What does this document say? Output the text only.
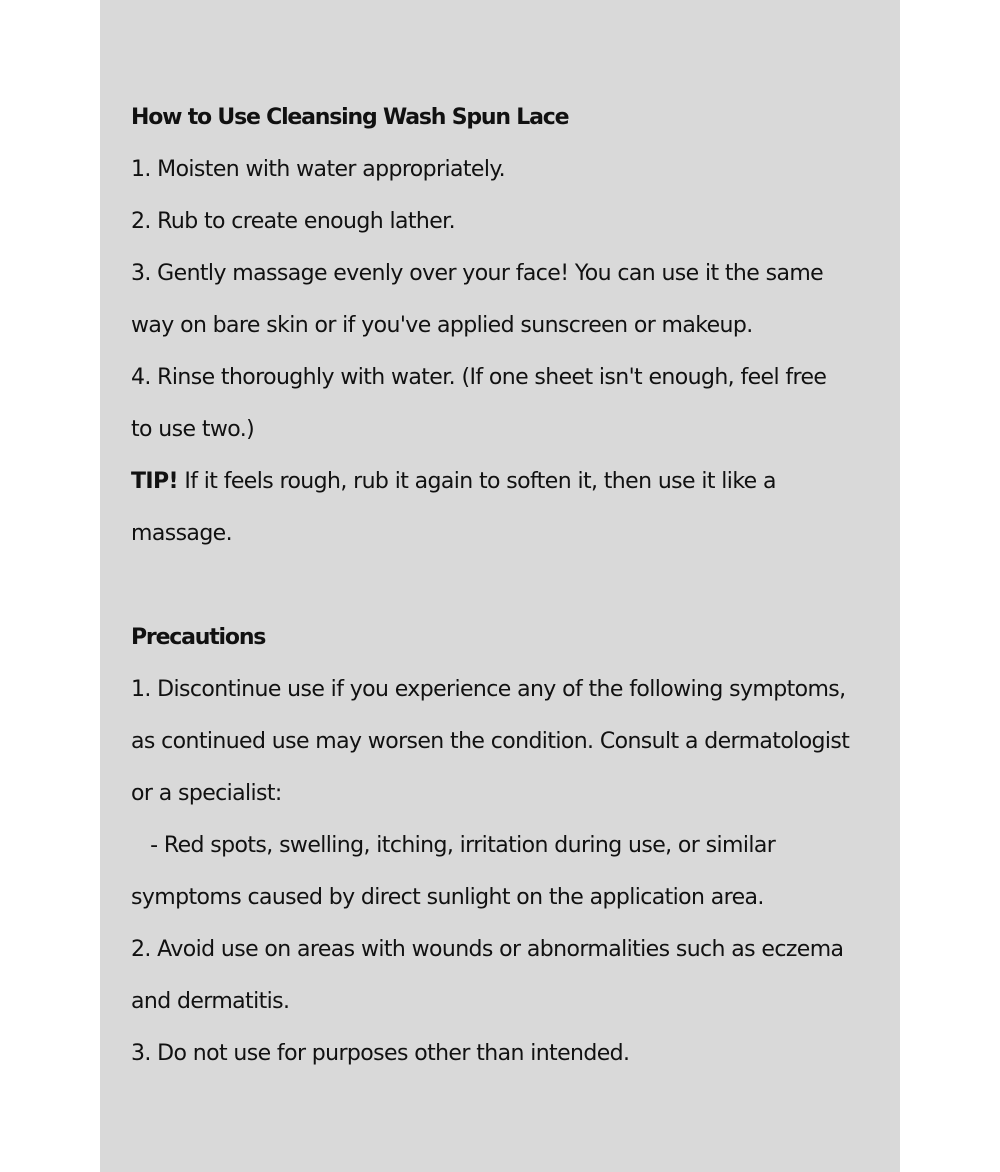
How to Use Cleansing Wash Spun Lace
1. Moisten with water appropriately.
2. Rub to create enough lather.
3. Gently massage evenly over your face! You can use it the same
way on bare skin or if you've applied sunscreen or makeup.
4. Rinse thoroughly with water. (If one sheet isn't enough, feel free
to use two.)
TIP! If it feels rough, rub it again to soften it, then use it like a
massage.
Precautions
1. Discontinue use if you experience any of the following symptoms,
as continued use may worsen the condition. Consult a dermatologist
or a specialist:
- Red spots, swelling, itching, irritation during use, or similar
symptoms caused by direct sunlight on the application area.
2. Avoid use on areas with wounds or abnormalities such as eczema
and dermatitis.
3. Do not use for purposes other than intended.
